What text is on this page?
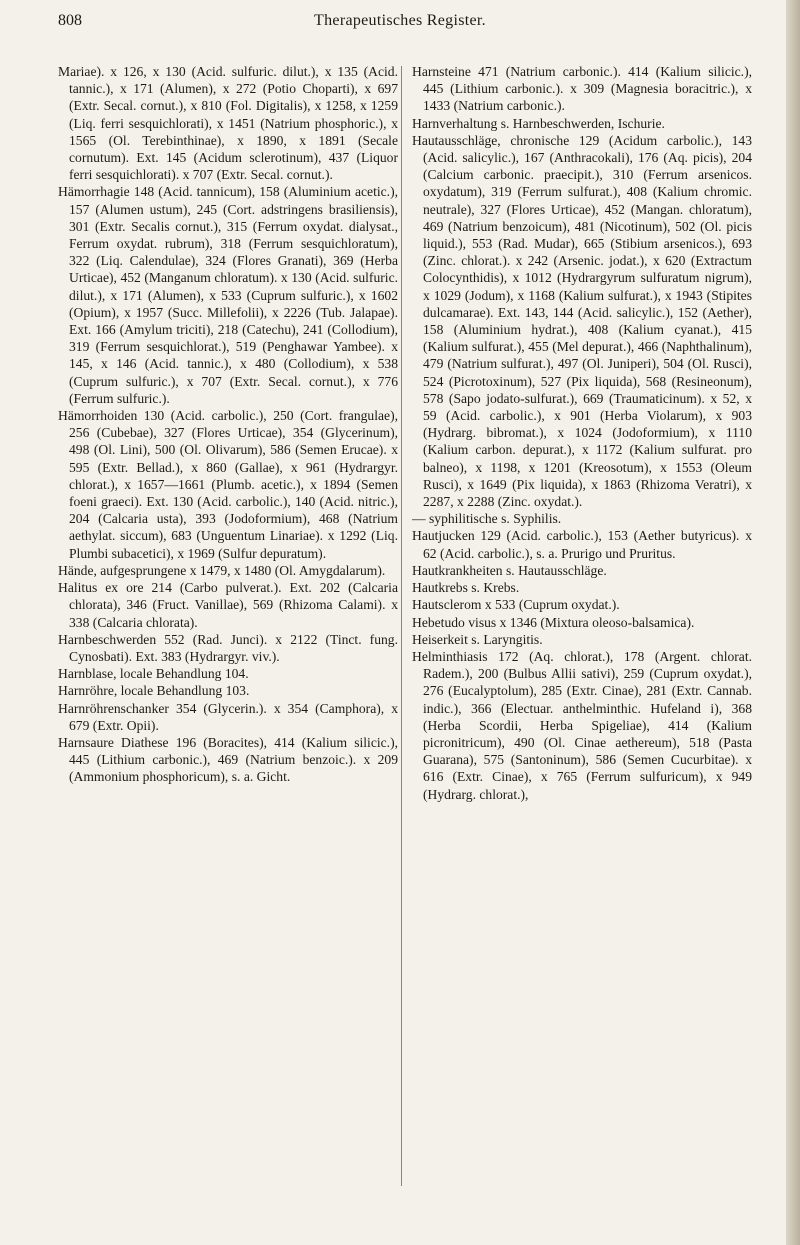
808	Therapeutisches Register.

Mariae). x 126, x 130 (Acid. sulfuric. dilut.), x 135 (Acid. tannic.), x 171 (Alumen), x 272 (Potio Choparti), x 697 (Extr. Secal. cornut.), x 810 (Fol. Digitalis), x 1258, x 1259 (Liq. ferri sesquichlorati), x 1451 (Natrium phosphoric.), x 1565 (Ol. Terebinthinae), x 1890, x 1891 (Secale cornutum). Ext. 145 (Acidum sclerotinum), 437 (Liquor ferri sesquichlorati). x 707 (Extr. Secal. cornut.).

Hämorrhagie 148 (Acid. tannicum), 158 (Aluminium acetic.), 157 (Alumen ustum), 245 (Cort. adstringens brasiliensis), 301 (Extr. Secalis cornut.), 315 (Ferrum oxydat. dialysat., Ferrum oxydat. rubrum), 318 (Ferrum sesquichloratum), 322 (Liq. Calendulae), 324 (Flores Granati), 369 (Herba Urticae), 452 (Manganum chloratum). x 130 (Acid. sulfuric. dilut.), x 171 (Alumen), x 533 (Cuprum sulfuric.), x 1602 (Opium), x 1957 (Succ. Millefolii), x 2226 (Tub. Jalapae). Ext. 166 (Amylum triciti), 218 (Catechu), 241 (Collodium), 319 (Ferrum sesquichlorat.), 519 (Penghawar Yambee). x 145, x 146 (Acid. tannic.), x 480 (Collodium), x 538 (Cuprum sulfuric.), x 707 (Extr. Secal. cornut.), x 776 (Ferrum sulfuric.).

Hämorrhoiden 130 (Acid. carbolic.), 250 (Cort. frangulae), 256 (Cubebae), 327 (Flores Urticae), 354 (Glycerinum), 498 (Ol. Lini), 500 (Ol. Olivarum), 586 (Semen Erucae). x 595 (Extr. Bellad.), x 860 (Gallae), x 961 (Hydrargyr. chlorat.), x 1657—1661 (Plumb. acetic.), x 1894 (Semen foeni graeci). Ext. 130 (Acid. carbolic.), 140 (Acid. nitric.), 204 (Calcaria usta), 393 (Jodoformium), 468 (Natrium aethylat. siccum), 683 (Unguentum Linariae). x 1292 (Liq. Plumbi subacetici), x 1969 (Sulfur depuratum).

Hände, aufgesprungene x 1479, x 1480 (Ol. Amygdalarum).

Halitus ex ore 214 (Carbo pulverat.). Ext. 202 (Calcaria chlorata), 346 (Fruct. Vanillae), 569 (Rhizoma Calami). x 338 (Calcaria chlorata).

Harnbeschwerden 552 (Rad. Junci). x 2122 (Tinct. fung. Cynosbati). Ext. 383 (Hydrargyr. viv.).

Harnblase, locale Behandlung 104.

Harnröhre, locale Behandlung 103.

Harnröhrenschanker 354 (Glycerin.). x 354 (Camphora), x 679 (Extr. Opii).

Harnsaure Diathese 196 (Boracites), 414 (Kalium silicic.), 445 (Lithium carbonic.), 469 (Natrium benzoic.). x 209 (Ammonium phosphoricum), s. a. Gicht.

Harnsteine 471 (Natrium carbonic.). 414 (Kalium silicic.), 445 (Lithium carbonic.). x 309 (Magnesia boracitric.), x 1433 (Natrium carbonic.).

Harnverhaltung s. Harnbeschwerden, Ischurie.

Hautausschläge, chronische 129 (Acidum carbolic.), 143 (Acid. salicylic.), 167 (Anthracokali), 176 (Aq. picis), 204 (Calcium carbonic. praecipit.), 310 (Ferrum arsenicos. oxydatum), 319 (Ferrum sulfurat.), 408 (Kalium chromic. neutrale), 327 (Flores Urticae), 452 (Mangan. chloratum), 469 (Natrium benzoicum), 481 (Nicotinum), 502 (Ol. picis liquid.), 553 (Rad. Mudar), 665 (Stibium arsenicos.), 693 (Zinc. chlorat.). x 242 (Arsenic. jodat.), x 620 (Extractum Colocynthidis), x 1012 (Hydrargyrum sulfuratum nigrum), x 1029 (Jodum), x 1168 (Kalium sulfurat.), x 1943 (Stipites dulcamarae). Ext. 143, 144 (Acid. salicylic.), 152 (Aether), 158 (Aluminium hydrat.), 408 (Kalium cyanat.), 415 (Kalium sulfurat.), 455 (Mel depurat.), 466 (Naphthalinum), 479 (Natrium sulfurat.), 497 (Ol. Juniperi), 504 (Ol. Rusci), 524 (Picrotoxinum), 527 (Pix liquida), 568 (Resineonum), 578 (Sapo jodato-sulfurat.), 669 (Traumaticinum). x 52, x 59 (Acid. carbolic.), x 901 (Herba Violarum), x 903 (Hydrarg. bibromat.), x 1024 (Jodoformium), x 1110 (Kalium carbon. depurat.), x 1172 (Kalium sulfurat. pro balneo), x 1198, x 1201 (Kreosotum), x 1553 (Oleum Rusci), x 1649 (Pix liquida), x 1863 (Rhizoma Veratri), x 2287, x 2288 (Zinc. oxydat.).

— syphilitische s. Syphilis.

Hautjucken 129 (Acid. carbolic.), 153 (Aether butyricus). x 62 (Acid. carbolic.), s. a. Prurigo und Pruritus.

Hautkrankheiten s. Hautausschläge.

Hautkrebs s. Krebs.

Hautsclerom x 533 (Cuprum oxydat.).

Hebetudo visus x 1346 (Mixtura oleoso-balsamica).

Heiserkeit s. Laryngitis.

Helminthiasis 172 (Aq. chlorat.), 178 (Argent. chlorat. Radem.), 200 (Bulbus Allii sativi), 259 (Cuprum oxydat.), 276 (Eucalyptolum), 285 (Extr. Cinae), 281 (Extr. Cannab. indic.), 366 (Electuar. anthelminthic. Hufeland i), 368 (Herba Scordii, Herba Spigeliae), 414 (Kalium picronitricum), 490 (Ol. Cinae aethereum), 518 (Pasta Guarana), 575 (Santoninum), 586 (Semen Cucurbitae). x 616 (Extr. Cinae), x 765 (Ferrum sulfuricum), x 949 (Hydrarg. chlorat.),
